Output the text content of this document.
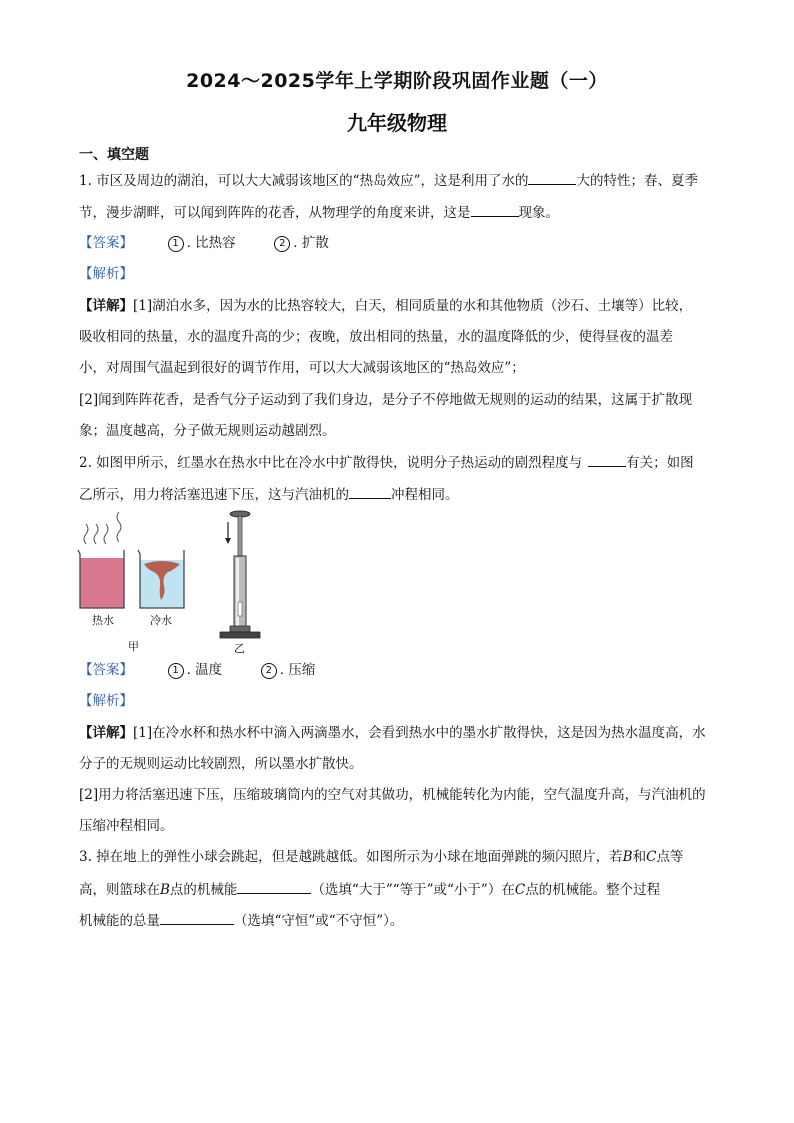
2024～2025学年上学期阶段巩固作业题（一）
九年级物理
一、填空题
1. 市区及周边的湖泊，可以大大减弱该地区的“热岛效应”，这是利用了水的	大的特性；春、夏季
节，漫步湖畔，可以闻到阵阵的花香，从物理学的角度来讲，这是	现象。
【答案】	1 . 比热容	2 . 扩散
【解析】
【详解】[1]湖泊水多，因为水的比热容较大，白天，相同质量的水和其他物质（沙石、土壤等）比较，
吸收相同的热量，水的温度升高的少；夜晚，放出相同的热量，水的温度降低的少，使得昼夜的温差
小，对周围气温起到很好的调节作用，可以大大减弱该地区的“热岛效应”；
[2]闻到阵阵花香，是香气分子运动到了我们身边，是分子不停地做无规则的运动的结果，这属于扩散现
象；温度越高，分子做无规则运动越剧烈。
2. 如图甲所示，红墨水在热水中比在冷水中扩散得快，说明分子热运动的剧烈程度与	有关；如图
乙所示，用力将活塞迅速下压，这与汽油机的	冲程相同。
热水	冷水
甲	乙
【答案】	1 . 温度	2 . 压缩
【解析】
【详解】[1]在冷水杯和热水杯中滴入两滴墨水，会看到热水中的墨水扩散得快，这是因为热水温度高，水
分子的无规则运动比较剧烈，所以墨水扩散快。
[2]用力将活塞迅速下压，压缩玻璃筒内的空气对其做功，机械能转化为内能，空气温度升高，与汽油机的
压缩冲程相同。
3. 掉在地上的弹性小球会跳起，但是越跳越低。如图所示为小球在地面弹跳的频闪照片，若B和C点等
高，则篮球在B点的机械能	（选填“大于”“等于”或“小于”）在C点的机械能。整个过程
机械能的总量	（选填“守恒”或“不守恒”）。
